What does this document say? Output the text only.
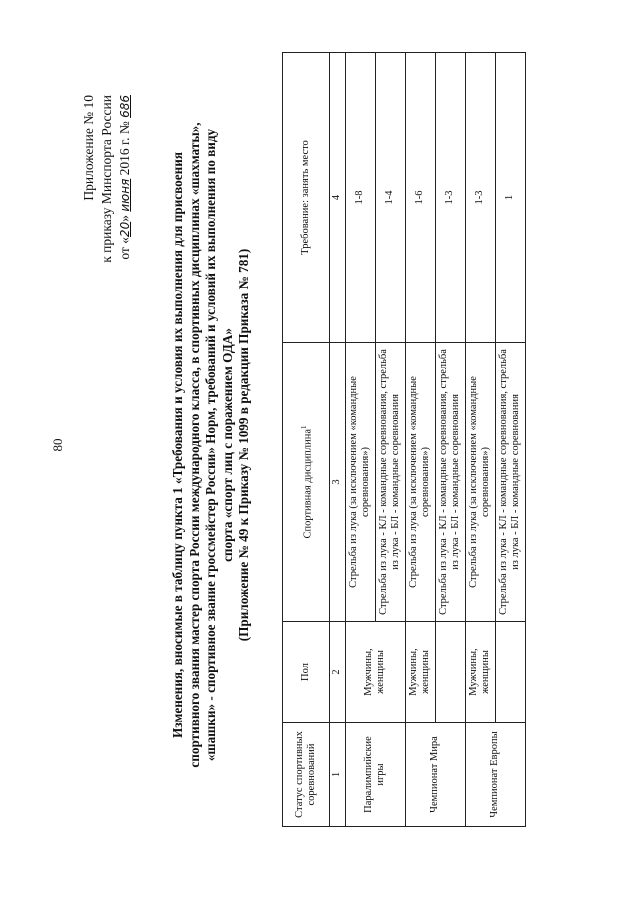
80
Приложение № 10 к приказу Минспорта России от «20» июня 2016 г. № 686
Изменения, вносимые в таблицу пункта 1 «Требования и условия их выполнения для присвоения спортивного звания мастер спорта России международного класса, в спортивных дисциплинах «шахматы», «шашки» - спортивное звание гроссмейстер России» Норм, требований и условий их выполнения по виду спорта «спорт лиц с поражением ОДА» (Приложение № 49 к Приказу № 1099 в редакции Приказа № 781)
Статус спортивных соревнований	Пол	Спортивная дисциплина$^1$	Требование: занять место
1	2	3	4
Паралимпийские игры	Мужчины, женщины	Стрельба из лука (за исключением «командные соревнования»)	1-8
		Стрельба из лука - КЛ - командные соревнования, стрельба из лука - БЛ - командные соревнования	1-4
Чемпионат Мира	Мужчины, женщины	Стрельба из лука (за исключением «командные соревнования»)	1-6
		Стрельба из лука - КЛ - командные соревнования, стрельба из лука - БЛ - командные соревнования	1-3
Чемпионат Европы	Мужчины, женщины	Стрельба из лука (за исключением «командные соревнования»)	1-3
		Стрельба из лука - КЛ - командные соревнования, стрельба из лука - БЛ - командные соревнования	1
